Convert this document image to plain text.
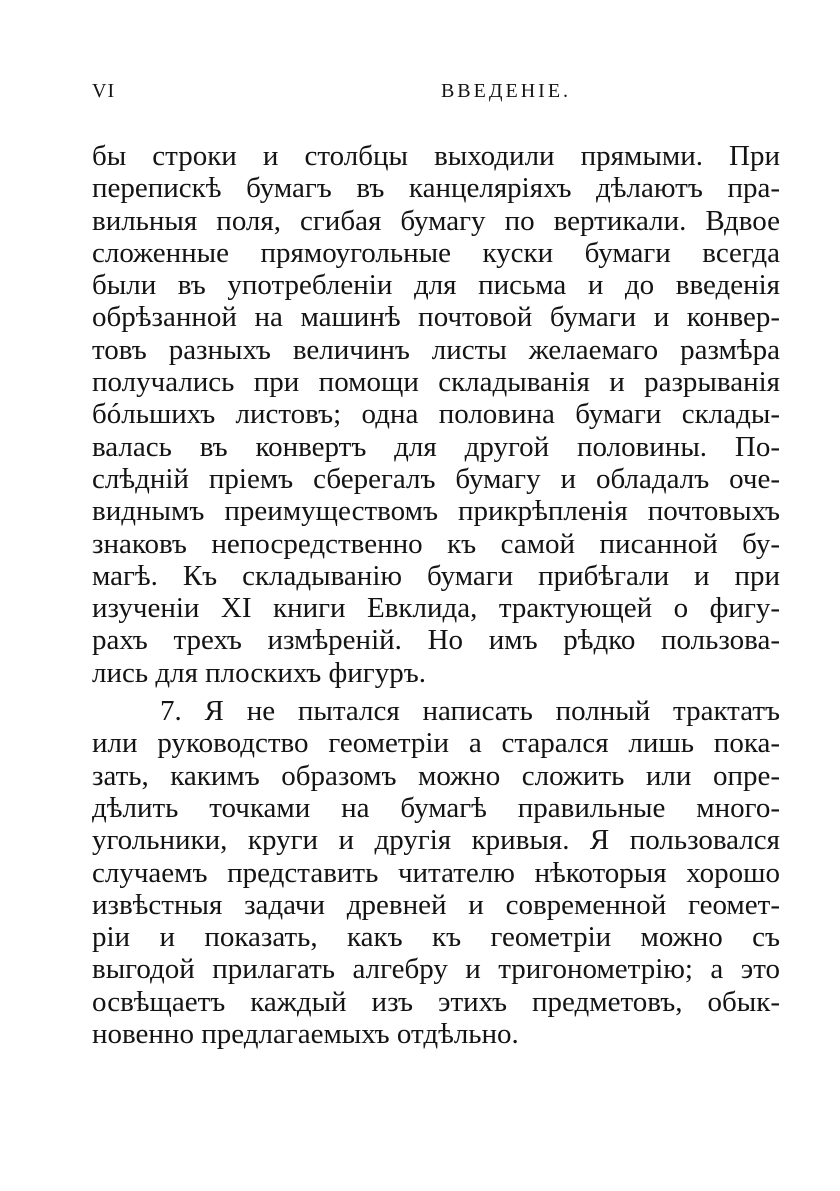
VI	ВВЕДЕНІЕ.
бы строки и столбцы выходили прямыми. При
перепискѣ бумагъ въ канцеляріяхъ дѣлаютъ пра-
вильныя поля, сгибая бумагу по вертикали. Вдвое
сложенные прямоугольные куски бумаги всегда
были въ употребленіи для письма и до введенія
обрѣзанной на машинѣ почтовой бумаги и конвер-
товъ разныхъ величинъ листы желаемаго размѣра
получались при помощи складыванія и разрыванія
бóльшихъ листовъ; одна половина бумаги склады-
валась въ конвертъ для другой половины. По-
слѣдній пріемъ сберегалъ бумагу и обладалъ оче-
виднымъ преимуществомъ прикрѣпленія почтовыхъ
знаковъ непосредственно къ самой писанной бу-
магѣ. Къ складыванію бумаги прибѣгали и при
изученіи XI книги Евклида, трактующей о фигу-
рахъ трехъ измѣреній. Но имъ рѣдко пользова-
лись для плоскихъ фигуръ.
7. Я не пытался написать полный трактатъ
или руководство геометріи а старался лишь пока-
зать, какимъ образомъ можно сложить или опре-
дѣлить точками на бумагѣ правильные много-
угольники, круги и другія кривыя. Я пользовался
случаемъ представить читателю нѣкоторыя хорошо
извѣстныя задачи древней и современной геомет-
ріи и показать, какъ къ геометріи можно съ
выгодой прилагать алгебру и тригонометрію; а это
освѣщаетъ каждый изъ этихъ предметовъ, обык-
новенно предлагаемыхъ отдѣльно.
